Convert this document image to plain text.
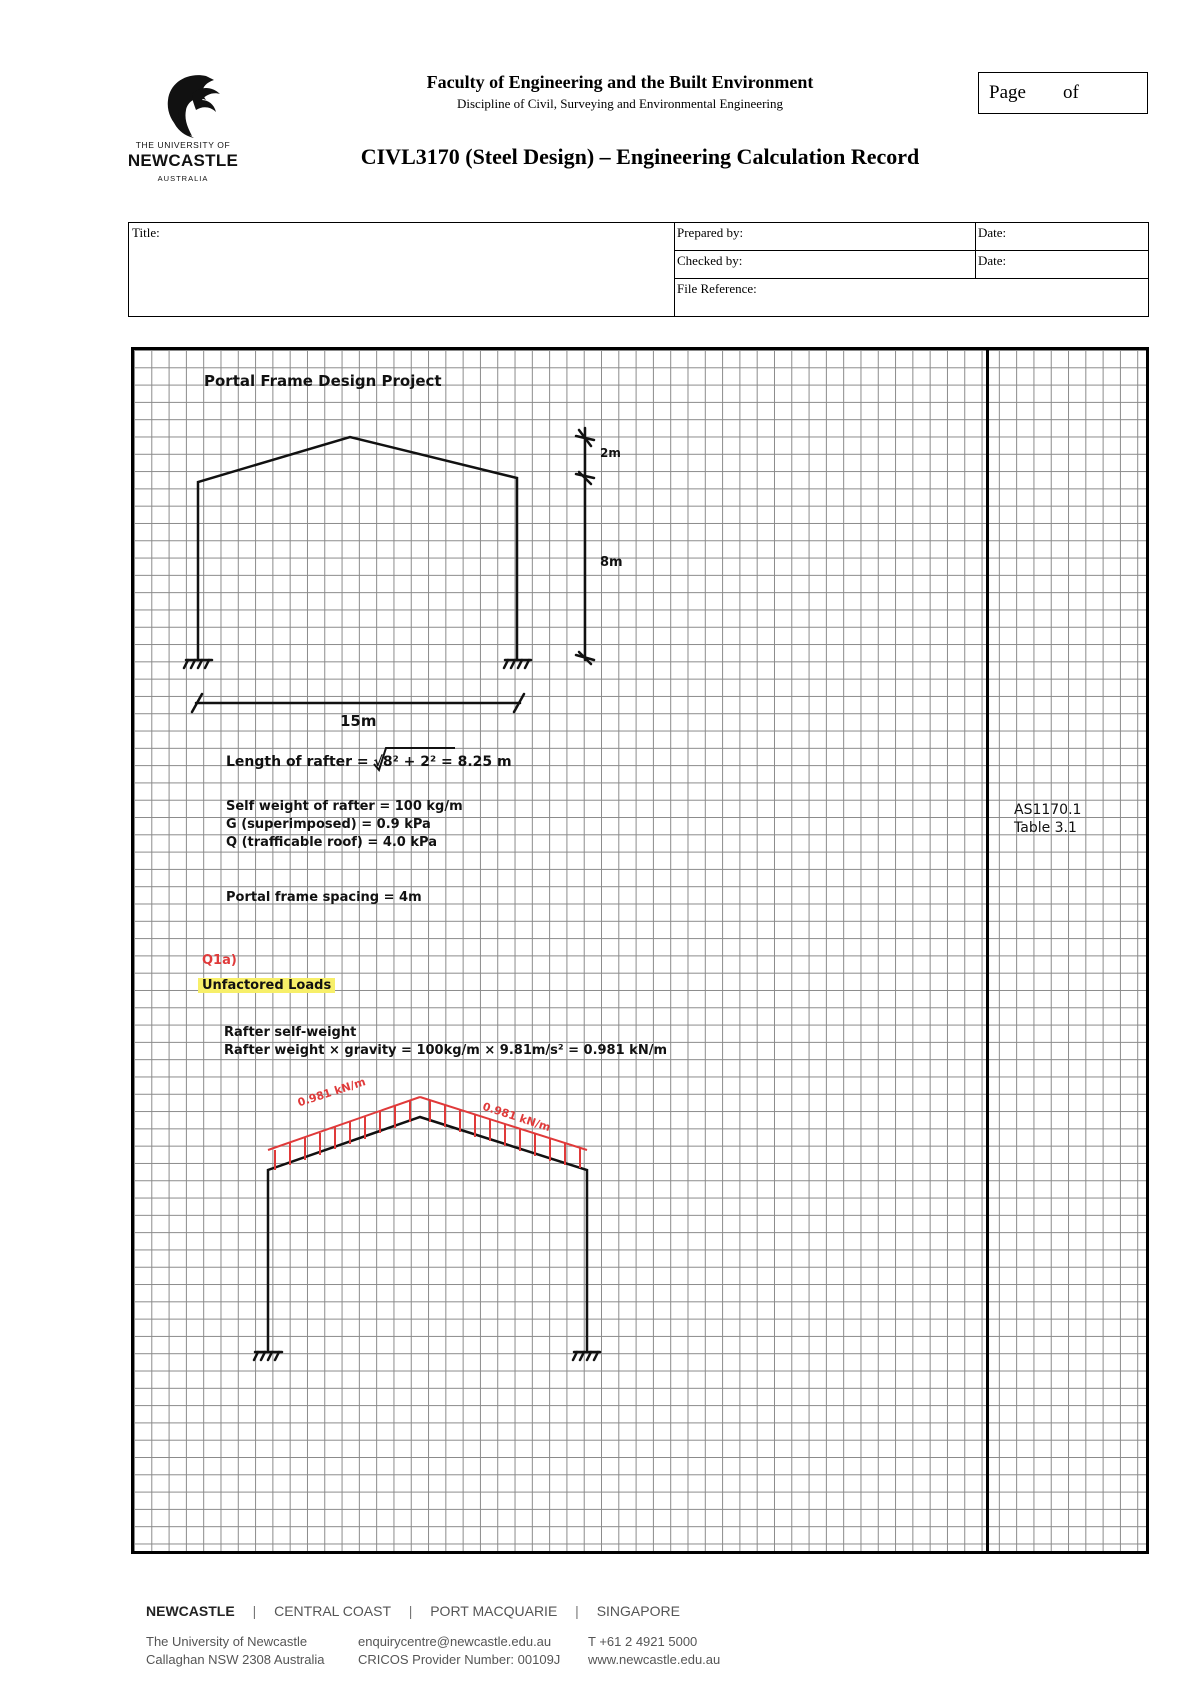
THE UNIVERSITY OF
NEWCASTLE
AUSTRALIA
Faculty of Engineering and the Built Environment
Discipline of Civil, Surveying and Environmental Engineering
CIVL3170 (Steel Design) – Engineering Calculation Record
Page of
Title:	Prepared by:	Date:
Checked by:	Date:
File Reference:
Portal Frame Design Project
2m
8m
15m
Length of rafter = √8² + 2² = 8.25 m
Self weight of rafter = 100 kg/m
G (superimposed) = 0.9 kPa
Q (trafficable roof) = 4.0 kPa
Portal frame spacing = 4m
Q1a)
Unfactored Loads
Rafter self-weight
Rafter weight × gravity = 100kg/m × 9.81m/s² = 0.981 kN/m
0.981 kN/m
0.981 kN/m
AS1170.1
Table 3.1
NEWCASTLE | CENTRAL COAST | PORT MACQUARIE | SINGAPORE
The University of Newcastle
Callaghan NSW 2308 Australia
enquirycentre@newcastle.edu.au
CRICOS Provider Number: 00109J
T +61 2 4921 5000
www.newcastle.edu.au
